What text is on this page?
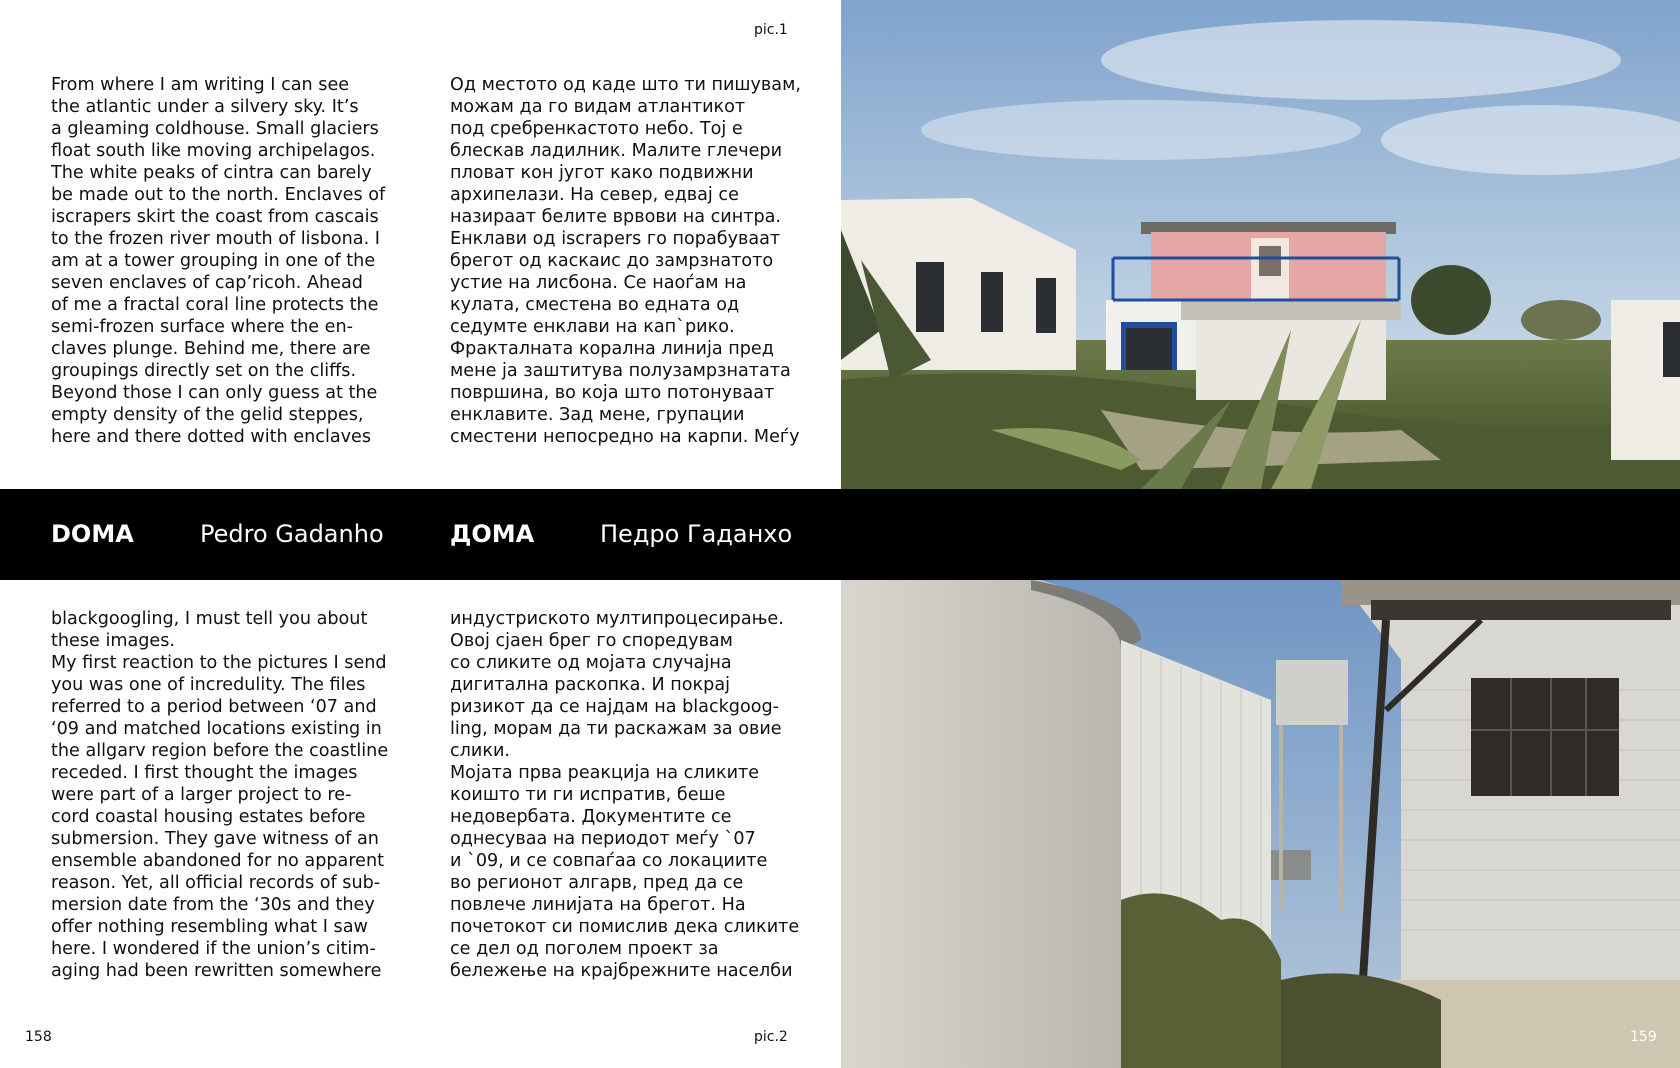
pic.1
From where I am writing I can see
the atlantic under a silvery sky. It’s
a gleaming coldhouse. Small glaciers
float south like moving archipelagos.
The white peaks of cintra can barely
be made out to the north. Enclaves of
iscrapers skirt the coast from cascais
to the frozen river mouth of lisbona. I
am at a tower grouping in one of the
seven enclaves of cap’ricoh. Ahead
of me a fractal coral line protects the
semi-frozen surface where the en-
claves plunge. Behind me, there are
groupings directly set on the cliffs.
Beyond those I can only guess at the
empty density of the gelid steppes,
here and there dotted with enclaves
Од местото од каде што ти пишувам,
можам да го видам атлантикот
под сребренкастото небо. Тој е
блескав ладилник. Малите глечери
пловат кон југот како подвижни
архипелази. На север, едвај се
назираат белите врвови на синтра.
Енклави од iscrapers го порабуваат
брегот од каскаис до замрзнатото
устие на лисбона. Се наоѓам на
кулата, сместена во едната од
седумте енклави на кап`рико.
Фракталната корална линија пред
мене ја заштитува полузамрзнатата
површина, во која што потонуваат
енклавите. Зад мене, групации
сместени непосредно на карпи. Меѓу
DOMA	Pedro Gadanho	ДОМА	Педро Гаданхо
blackgoogling, I must tell you about
these images.
My first reaction to the pictures I send
you was one of incredulity. The files
referred to a period between ‘07 and
‘09 and matched locations existing in
the allgarv region before the coastline
receded. I first thought the images
were part of a larger project to re-
cord coastal housing estates before
submersion. They gave witness of an
ensemble abandoned for no apparent
reason. Yet, all official records of sub-
mersion date from the ‘30s and they
offer nothing resembling what I saw
here. I wondered if the union’s citim-
aging had been rewritten somewhere
индустриското мултипроцесирање.
Овој сјаен брег го споредувам
со сликите од мојата случајна
дигитална раскопка. И покрај
ризикот да се најдам на blackgoog-
ling, морам да ти раскажам за овие
слики.
Мојата прва реакција на сликите
коишто ти ги испратив, беше
недовербата. Документите се
однесуваа на периодот меѓу `07
и `09, и се совпаѓаа со локациите
во регионот алгарв, пред да се
повлече линијата на брегот. На
почетокот си помислив дека сликите
се дел од поголем проект за
бележење на крајбрежните населби
158	pic.2	159
